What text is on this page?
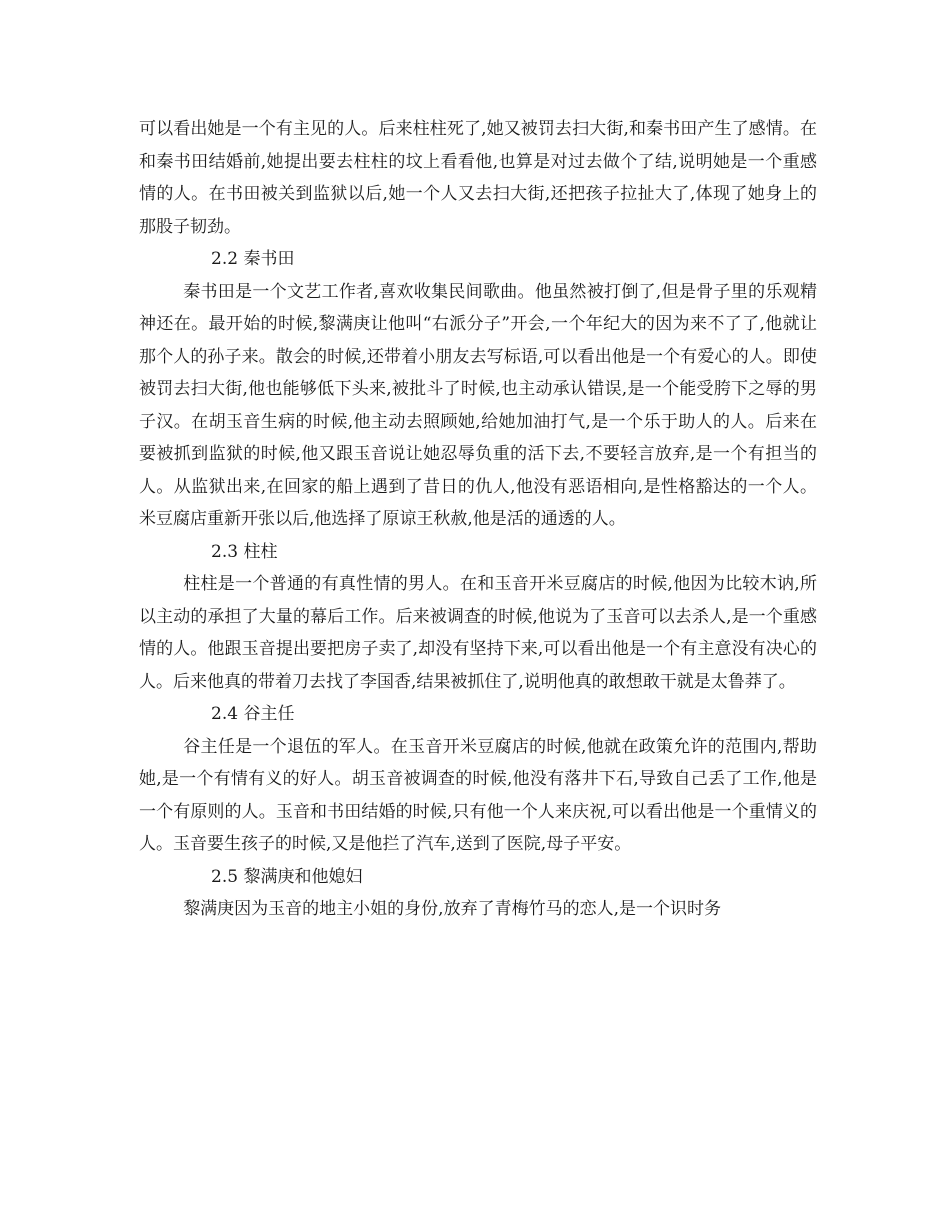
可以看出她是一个有主见的人。后来柱柱死了,她又被罚去扫大街,和秦书田产生了感情。在和秦书田结婚前,她提出要去柱柱的坟上看看他,也算是对过去做个了结,说明她是一个重感情的人。在书田被关到监狱以后,她一个人又去扫大街,还把孩子拉扯大了,体现了她身上的那股子韧劲。

2.2 秦书田

秦书田是一个文艺工作者,喜欢收集民间歌曲。他虽然被打倒了,但是骨子里的乐观精神还在。最开始的时候,黎满庚让他叫“右派分子”开会,一个年纪大的因为来不了了,他就让那个人的孙子来。散会的时候,还带着小朋友去写标语,可以看出他是一个有爱心的人。即使被罚去扫大街,他也能够低下头来,被批斗了时候,也主动承认错误,是一个能受胯下之辱的男子汉。在胡玉音生病的时候,他主动去照顾她,给她加油打气,是一个乐于助人的人。后来在要被抓到监狱的时候,他又跟玉音说让她忍辱负重的活下去,不要轻言放弃,是一个有担当的人。从监狱出来,在回家的船上遇到了昔日的仇人,他没有恶语相向,是性格豁达的一个人。米豆腐店重新开张以后,他选择了原谅王秋赦,他是活的通透的人。

2.3 柱柱

柱柱是一个普通的有真性情的男人。在和玉音开米豆腐店的时候,他因为比较木讷,所以主动的承担了大量的幕后工作。后来被调查的时候,他说为了玉音可以去杀人,是一个重感情的人。他跟玉音提出要把房子卖了,却没有坚持下来,可以看出他是一个有主意没有决心的人。后来他真的带着刀去找了李国香,结果被抓住了,说明他真的敢想敢干就是太鲁莽了。

2.4 谷主任

谷主任是一个退伍的军人。在玉音开米豆腐店的时候,他就在政策允许的范围内,帮助她,是一个有情有义的好人。胡玉音被调查的时候,他没有落井下石,导致自己丢了工作,他是一个有原则的人。玉音和书田结婚的时候,只有他一个人来庆祝,可以看出他是一个重情义的人。玉音要生孩子的时候,又是他拦了汽车,送到了医院,母子平安。

2.5 黎满庚和他媳妇

黎满庚因为玉音的地主小姐的身份,放弃了青梅竹马的恋人,是一个识时务
